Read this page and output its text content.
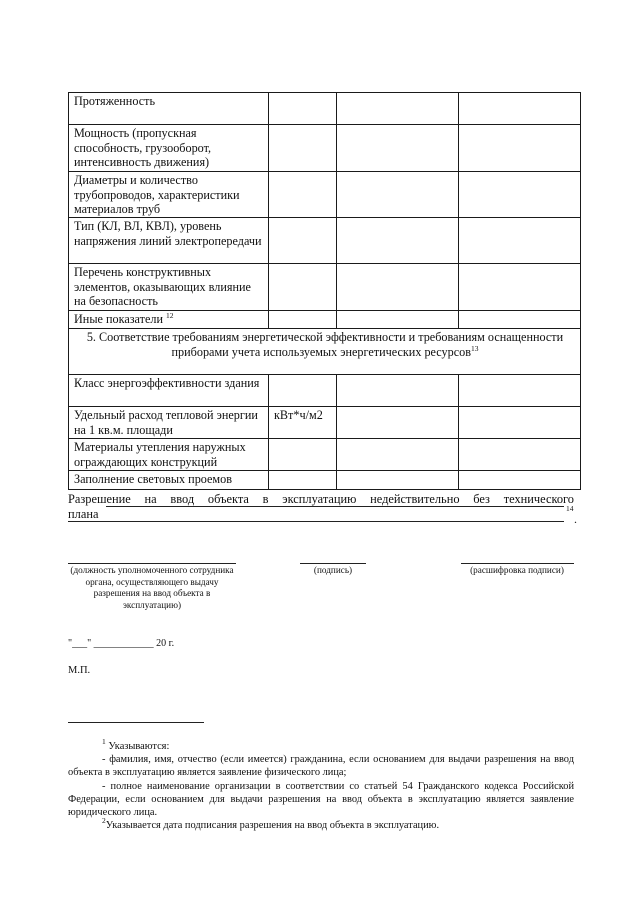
Протяженность			
Мощность (пропускная способность, грузооборот, интенсивность движения)			
Диаметры и количество трубопроводов, характеристики материалов труб			
Тип (КЛ, ВЛ, КВЛ), уровень напряжения линий электропередачи			
Перечень конструктивных элементов, оказывающих влияние на безопасность			
Иные показатели $^{12}$			
5. Соответствие требованиям энергетической эффективности и требованиям оснащенности приборами учета используемых энергетических ресурсов$^{13}$
Класс энергоэффективности здания			
Удельный расход тепловой энергии на 1 кв.м. площади	кВт*ч/м2		
Материалы утепления наружных ограждающих конструкций			
Заполнение световых проемов			
Разрешение на ввод объекта в эксплуатацию недействительно без технического
плана	14
.
(должность уполномоченного сотрудника органа, осуществляющего выдачу разрешения на ввод объекта в эксплуатацию)
(подпись)	(расшифровка подписи)
"___" ____________ 20 г.
М.П.

$^1$ Указываются:

- фамилия, имя, отчество (если имеется) гражданина, если основанием для выдачи разрешения на ввод объекта в эксплуатацию является заявление физического лица;

- полное наименование организации в соответствии со статьей 54 Гражданского кодекса Российской Федерации, если основанием для выдачи разрешения на ввод объекта в эксплуатацию является заявление юридического лица.

$^2$Указывается дата подписания разрешения на ввод объекта в эксплуатацию.
